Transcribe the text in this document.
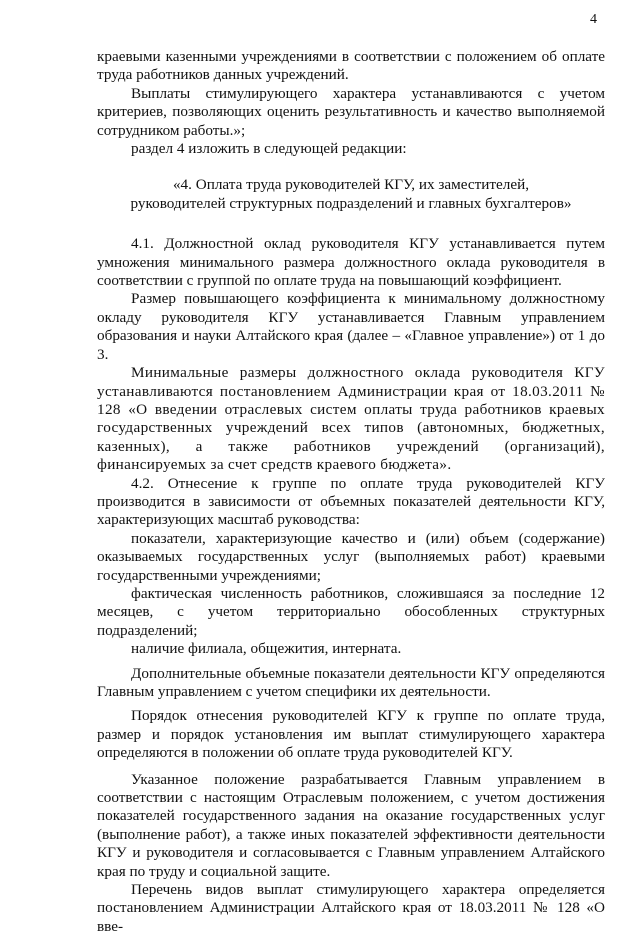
4

краевыми казенными учреждениями в соответствии с положением об оплате труда работников данных учреждений.

Выплаты стимулирующего характера устанавливаются с учетом критериев, позволяющих оценить результативность и качество выполняемой сотрудником работы.»;

раздел 4 изложить в следующей редакции:

«4. Оплата труда руководителей КГУ, их заместителей, руководителей структурных подразделений и главных бухгалтеров»

4.1. Должностной оклад руководителя КГУ устанавливается путем умножения минимального размера должностного оклада руководителя в соответствии с группой по оплате труда на повышающий коэффициент.

Размер повышающего коэффициента к минимальному должностному окладу руководителя КГУ устанавливается Главным управлением образования и науки Алтайского края (далее – «Главное управление») от 1 до 3.

Минимальные размеры должностного оклада руководителя КГУ устанавливаются постановлением Администрации края от 18.03.2011 № 128 «О введении отраслевых систем оплаты труда работников краевых государственных учреждений всех типов (автономных, бюджетных, казенных), а также работников учреждений (организаций), финансируемых за счет средств краевого бюджета».

4.2. Отнесение к группе по оплате труда руководителей КГУ производится в зависимости от объемных показателей деятельности КГУ, характеризующих масштаб руководства:

показатели, характеризующие качество и (или) объем (содержание) оказываемых государственных услуг (выполняемых работ) краевыми государственными учреждениями;

фактическая численность работников, сложившаяся за последние 12 месяцев, с учетом территориально обособленных структурных подразделений;

наличие филиала, общежития, интерната.

Дополнительные объемные показатели деятельности КГУ определяются Главным управлением с учетом специфики их деятельности.

Порядок отнесения руководителей КГУ к группе по оплате труда, размер и порядок установления им выплат стимулирующего характера определяются в положении об оплате труда руководителей КГУ.

Указанное положение разрабатывается Главным управлением в соответствии с настоящим Отраслевым положением, с учетом достижения показателей государственного задания на оказание государственных услуг (выполнение работ), а также иных показателей эффективности деятельности КГУ и руководителя и согласовывается с Главным управлением Алтайского края по труду и социальной защите.

Перечень видов выплат стимулирующего характера определяется постановлением Администрации Алтайского края от 18.03.2011 № 128 «О вве-
